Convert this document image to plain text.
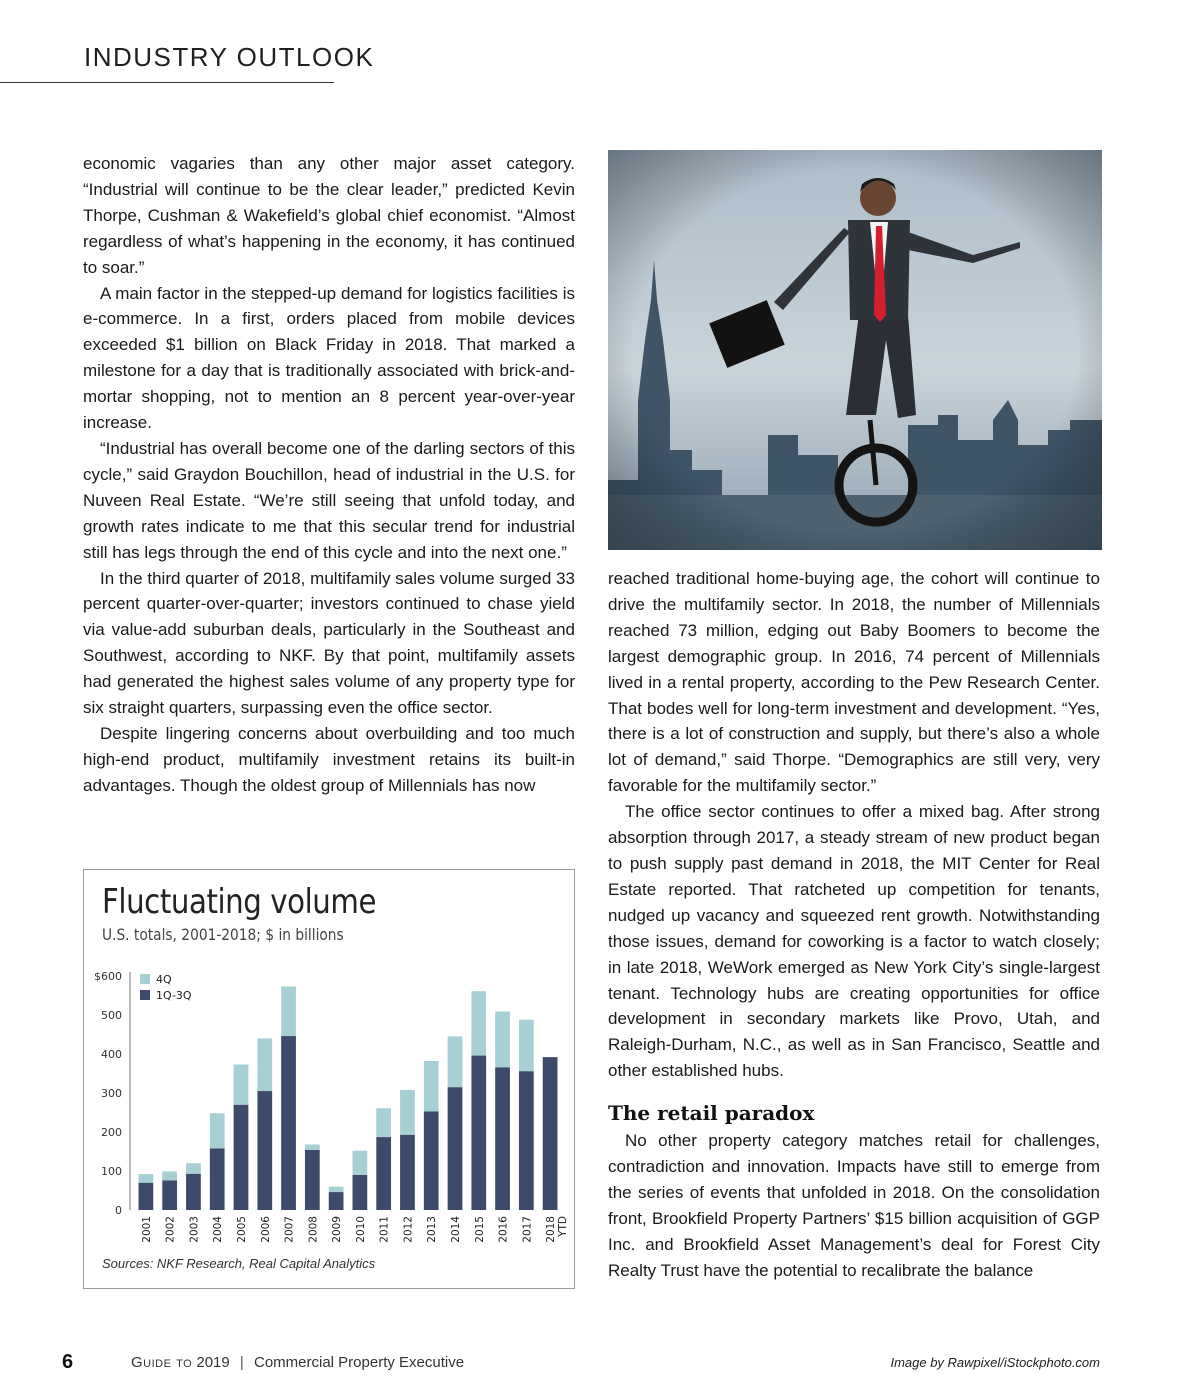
INDUSTRY OUTLOOK

economic vagaries than any other major asset category. “Industrial will continue to be the clear leader,” predicted Kevin Thorpe, Cushman & Wakefield’s global chief economist. “Almost regardless of what’s happening in the economy, it has continued to soar.”

A main factor in the stepped-up demand for logistics facilities is e-commerce. In a first, orders placed from mobile devices exceeded $1 billion on Black Friday in 2018. That marked a milestone for a day that is traditionally associated with brick-and-mortar shopping, not to mention an 8 percent year-over-year increase.

“Industrial has overall become one of the darling sectors of this cycle,” said Graydon Bouchillon, head of industrial in the U.S. for Nuveen Real Estate. “We’re still seeing that unfold today, and growth rates indicate to me that this secular trend for industrial still has legs through the end of this cycle and into the next one.”

In the third quarter of 2018, multifamily sales volume surged 33 percent quarter-over-quarter; investors continued to chase yield via value-add suburban deals, particularly in the Southeast and Southwest, according to NKF. By that point, multifamily assets had generated the highest sales volume of any property type for six straight quarters, surpassing even the office sector.

Despite lingering concerns about overbuilding and too much high-end product, multifamily investment retains its built-in advantages. Though the oldest group of Millennials has now

reached traditional home-buying age, the cohort will continue to drive the multifamily sector. In 2018, the number of Millennials reached 73 million, edging out Baby Boomers to become the largest demographic group. In 2016, 74 percent of Millennials lived in a rental property, according to the Pew Research Center. That bodes well for long-term investment and development. “Yes, there is a lot of construction and supply, but there’s also a whole lot of demand,” said Thorpe. “Demographics are still very, very favorable for the multifamily sector.”

The office sector continues to offer a mixed bag. After strong absorption through 2017, a steady stream of new product began to push supply past demand in 2018, the MIT Center for Real Estate reported. That ratcheted up competition for tenants, nudged up vacancy and squeezed rent growth. Notwithstanding those issues, demand for coworking is a factor to watch closely; in late 2018, WeWork emerged as New York City’s single-largest tenant. Technology hubs are creating opportunities for office development in secondary markets like Provo, Utah, and Raleigh-Durham, N.C., as well as in San Francisco, Seattle and other established hubs.

The retail paradox

No other property category matches retail for challenges, contradiction and innovation. Impacts have still to emerge from the series of events that unfolded in 2018. On the consolidation front, Brookfield Property Partners’ $15 billion acquisition of GGP Inc. and Brookfield Asset Management’s deal for Forest City Realty Trust have the potential to recalibrate the balance

Fluctuating volume
U.S. totals, 2001-2018; $ in billions
$600
500
400
300
200
100
0
2001 2002 2003 2004 2005 2006 2007 2008 2009 2010 2011 2012 2013 2014 2015 2016 2017 2018 YTD
4Q
1Q-3Q
Sources: NKF Research, Real Capital Analytics
6	Guide to 2019 | Commercial Property Executive	Image by Rawpixel/iStockphoto.com
